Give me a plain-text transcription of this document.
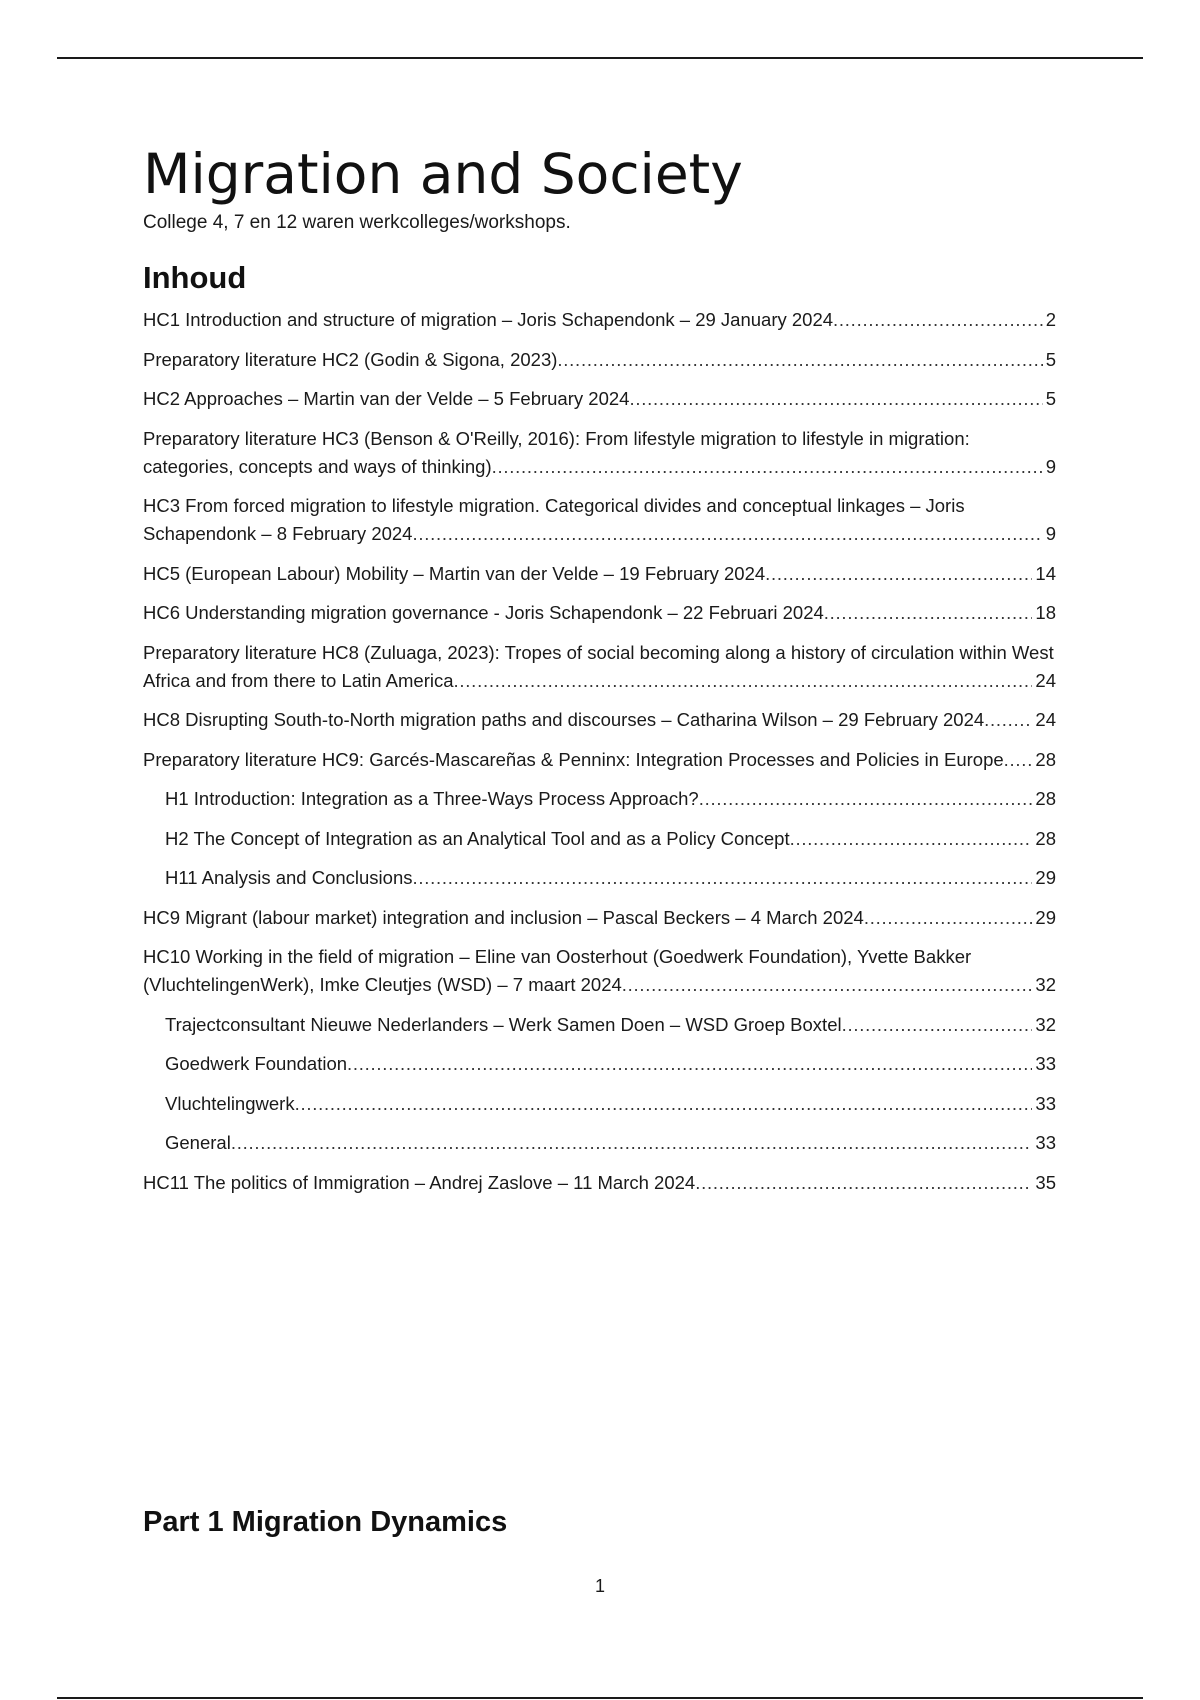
Migration and Society

College 4, 7 en 12 waren werkcolleges/workshops.

Inhoud
HC1 Introduction and structure of migration – Joris Schapendonk – 29 January 2024 . . .	2
Preparatory literature HC2 (Godin & Sigona, 2023) . . .	5
HC2 Approaches – Martin van der Velde – 5 February 2024 . . .	5
Preparatory literature HC3 (Benson & O'Reilly, 2016): From lifestyle migration to lifestyle in migration: categories, concepts and ways of thinking) . . .	9
HC3 From forced migration to lifestyle migration. Categorical divides and conceptual linkages – Joris Schapendonk – 8 February 2024 . . .	9
HC5 (European Labour) Mobility – Martin van der Velde – 19 February 2024 . . .	14
HC6 Understanding migration governance - Joris Schapendonk – 22 Februari 2024 . . .	18
Preparatory literature HC8 (Zuluaga, 2023): Tropes of social becoming along a history of circulation within West Africa and from there to Latin America . . .	24
HC8 Disrupting South-to-North migration paths and discourses – Catharina Wilson – 29 February 2024 . . .	24
Preparatory literature HC9: Garcés-Mascareñas & Penninx: Integration Processes and Policies in Europe . . . 28
H1 Introduction: Integration as a Three-Ways Process Approach? . . .	28
H2 The Concept of Integration as an Analytical Tool and as a Policy Concept . . .	28
H11 Analysis and Conclusions . . .	29
HC9 Migrant (labour market) integration and inclusion – Pascal Beckers – 4 March 2024 . . .	29
HC10 Working in the field of migration – Eline van Oosterhout (Goedwerk Foundation), Yvette Bakker (VluchtelingenWerk), Imke Cleutjes (WSD) – 7 maart 2024 . . .	32
Trajectconsultant Nieuwe Nederlanders – Werk Samen Doen – WSD Groep Boxtel . . .	32
Goedwerk Foundation . . .	33
Vluchtelingwerk . . .	33
General . . .	33
HC11 The politics of Immigration – Andrej Zaslove – 11 March 2024 . . .	35
Part 1 Migration Dynamics
1
